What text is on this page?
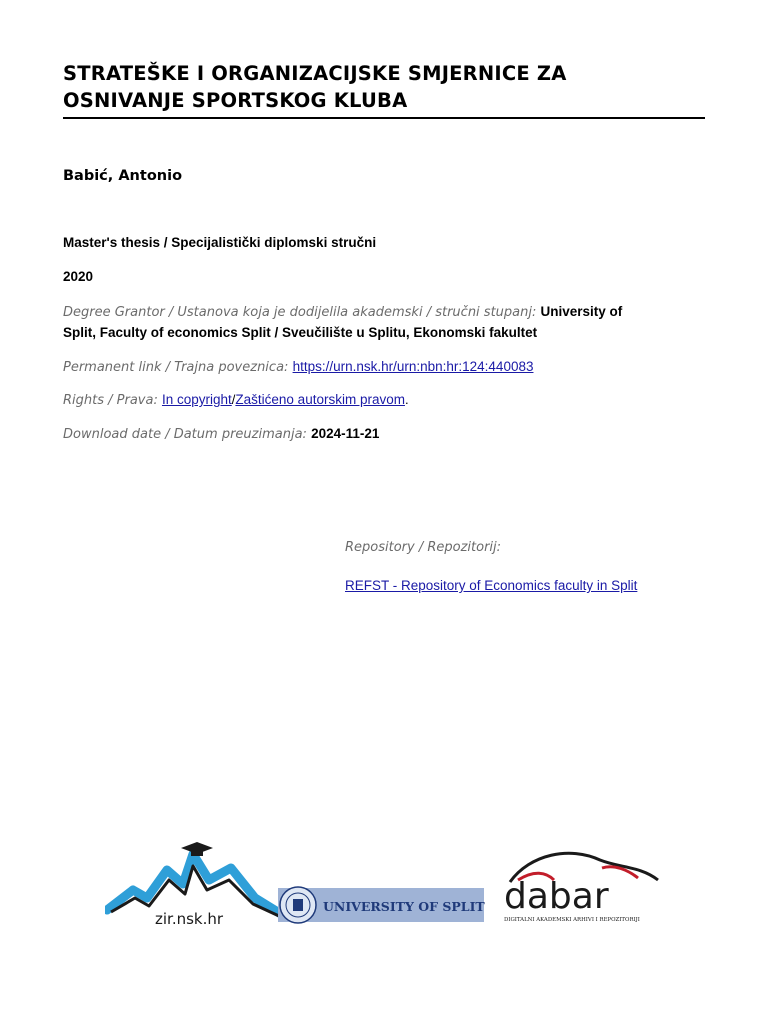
STRATEŠKE I ORGANIZACIJSKE SMJERNICE ZA OSNIVANJE SPORTSKOG KLUBA
Babić, Antonio
Master's thesis / Specijalistički diplomski stručni
2020
Degree Grantor / Ustanova koja je dodijelila akademski / stručni stupanj: University of
Split, Faculty of economics Split / Sveučilište u Splitu, Ekonomski fakultet
Permanent link / Trajna poveznica: https://urn.nsk.hr/urn:nbn:hr:124:440083
Rights / Prava: In copyright/Zaštićeno autorskim pravom.
Download date / Datum preuzimanja: 2024-11-21
Repository / Repozitorij:
REFST - Repository of Economics faculty in Split
zir.nsk.hr
UNIVERSITY OF SPLIT dabar
DIGITALNI AKADEMSKI ARHIVI I REPOZITORIJI
